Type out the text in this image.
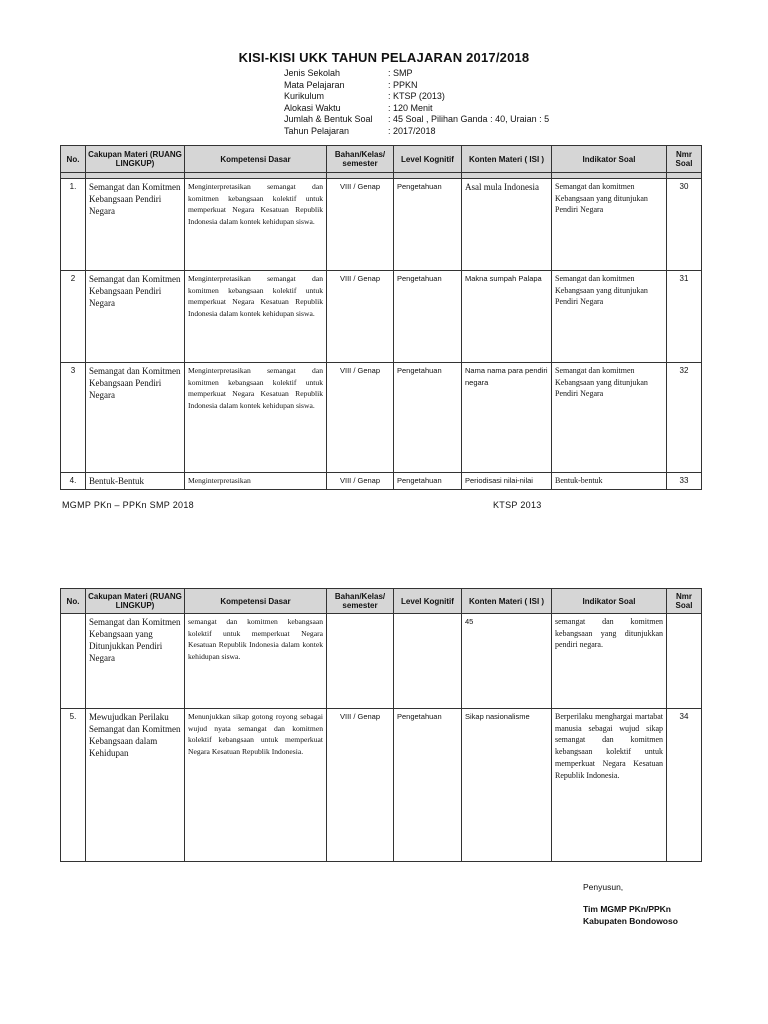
KISI-KISI UKK TAHUN PELAJARAN 2017/2018
Jenis Sekolah	: SMP
Mata Pelajaran	: PPKN
Kurikulum	: KTSP (2013)
Alokasi Waktu	: 120 Menit
Jumlah & Bentuk Soal	: 45 Soal , Pilihan Ganda : 40, Uraian : 5
Tahun Pelajaran	: 2017/2018
No.	Cakupan Materi (RUANG LINGKUP)	Kompetensi Dasar	Bahan/Kelas/ semester	Level Kognitif	Konten Materi ( ISI )	Indikator Soal	Nmr Soal

1.	Semangat dan Komitmen Kebangsaan Pendiri Negara	Menginterpretasikan semangat dan komitmen kebangsaan kolektif untuk memperkuat Negara Kesatuan Republik Indonesia dalam kontek kehidupan siswa.	VIII / Genap	Pengetahuan	Asal mula Indonesia	Semangat dan komitmen Kebangsaan yang ditunjukan Pendiri Negara	30
2	Semangat dan Komitmen Kebangsaan Pendiri Negara	Menginterpretasikan semangat dan komitmen kebangsaan kolektif untuk memperkuat Negara Kesatuan Republik Indonesia dalam kontek kehidupan siswa.	VIII / Genap	Pengetahuan	Makna sumpah Palapa	Semangat dan komitmen Kebangsaan yang ditunjukan Pendiri Negara	31
3	Semangat dan Komitmen Kebangsaan Pendiri Negara	Menginterpretasikan semangat dan komitmen kebangsaan kolektif untuk memperkuat Negara Kesatuan Republik Indonesia dalam kontek kehidupan siswa.	VIII / Genap	Pengetahuan	Nama nama para pendiri negara	Semangat dan komitmen Kebangsaan yang ditunjukan Pendiri Negara	32
4.	Bentuk-Bentuk	Menginterpretasikan	VIII / Genap	Pengetahuan	Periodisasi nilai-nilai	Bentuk-bentuk	33
MGMP PKn – PPKn SMP 2018	KTSP 2013
No.	Cakupan Materi (RUANG LINGKUP)	Kompetensi Dasar	Bahan/Kelas/ semester	Level Kognitif	Konten Materi ( ISI )	Indikator Soal	Nmr Soal
	Semangat dan Komitmen Kebangsaan yang Ditunjukkan Pendiri Negara	semangat dan komitmen kebangsaan kolektif untuk memperkuat Negara Kesatuan Republik Indonesia dalam kontek kehidupan siswa.			45	semangat dan komitmen kebangsaan yang ditunjukkan pendiri negara.	
5.	Mewujudkan Perilaku Semangat dan Komitmen Kebangsaan dalam Kehidupan	Menunjukkan sikap gotong royong sebagai wujud nyata semangat dan komitmen kolektif kebangsaan untuk memperkuat Negara Kesatuan Republik Indonesia.	VIII / Genap	Pengetahuan	Sikap nasionalisme	Berperilaku menghargai martabat manusia sebagai wujud sikap semangat dan komitmen kebangsaan kolektif untuk memperkuat Negara Kesatuan Republik Indonesia.	34
Penyusun,
Tim MGMP PKn/PPKn
Kabupaten Bondowoso
